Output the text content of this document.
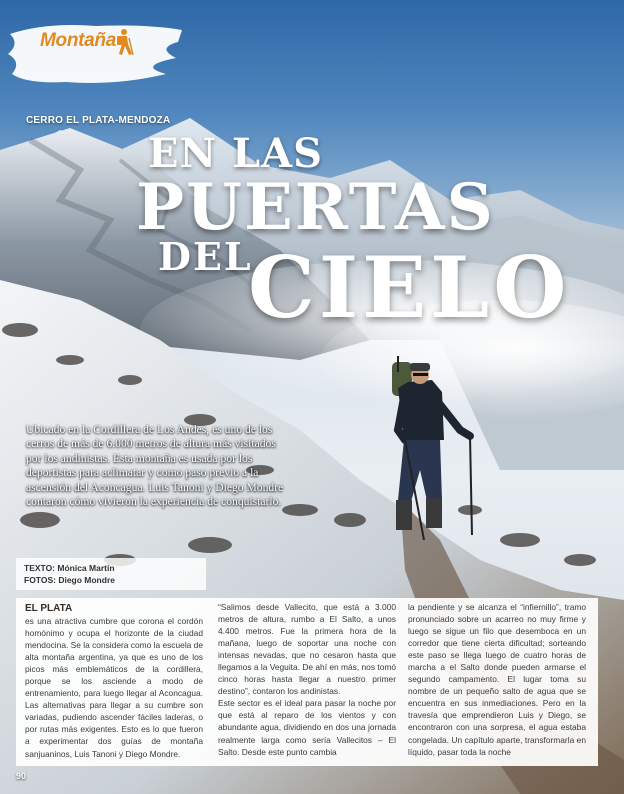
Montaña
CERRO EL PLATA-MENDOZA
EN LAS
PUERTAS
DEL
CIELO
Ubicado en la Cordillera de Los Andes, es uno de los cerros de más de 6.000 metros de altura más visitados por los andinistas. Esta montaña es usada por los deportistas para aclimatar y como paso previo a la ascensión del Aconcagua. Luis Tanoni y Diego Mondre contaron cómo vivieron la experiencia de conquistarlo.
TEXTO: Mónica Martín
FOTOS: Diego Mondre
EL PLATA

es una atractiva cumbre que corona el cordón homónimo y ocupa el horizonte de la ciudad mendocina. Se la considera como la escuela de alta montaña argentina, ya que es uno de los picos más emblemáticos de la cordillera, porque se los asciende a modo de entrenamiento, para luego llegar al Aconcagua. Las alternativas para llegar a su cumbre son variadas, pudiendo ascender fáciles laderas, o por rutas más exigentes. Esto es lo que fueron a experimentar dos guías de montaña sanjuaninos, Luis Tanoni y Diego Mondre.

“Salimos desde Vallecito, que está a 3.000 metros de altura, rumbo a El Salto, a unos 4.400 metros. Fue la primera hora de la mañana, luego de soportar una noche con intensas nevadas, que no cesaron hasta que llegamos a la Veguita. De ahí en más, nos tomó cinco horas hasta llegar a nuestro primer destino”, contaron los andinistas.

Este sector es el ideal para pasar la noche por que está al reparo de los vientos y con abundante agua, dividiendo en dos una jornada realmente larga como sería Vallecitos – El Salto. Desde este punto cambia

la pendiente y se alcanza el “infiernillo”, tramo pronunciado sobre un acarreo no muy firme y luego se sigue un filo que desemboca en un corredor que tiene cierta dificultad; sorteando este paso se llega luego de cuatro horas de marcha a el Salto donde pueden armarse el segundo campamento. El lugar toma su nombre de un pequeño salto de agua que se encuentra en sus inmediaciones. Pero en la travesía que emprendieron Luis y Diego, se encontraron con una sorpresa, el agua estaba congelada. Un capítulo aparte, transformarla en líquido, pasar toda la noche

90
